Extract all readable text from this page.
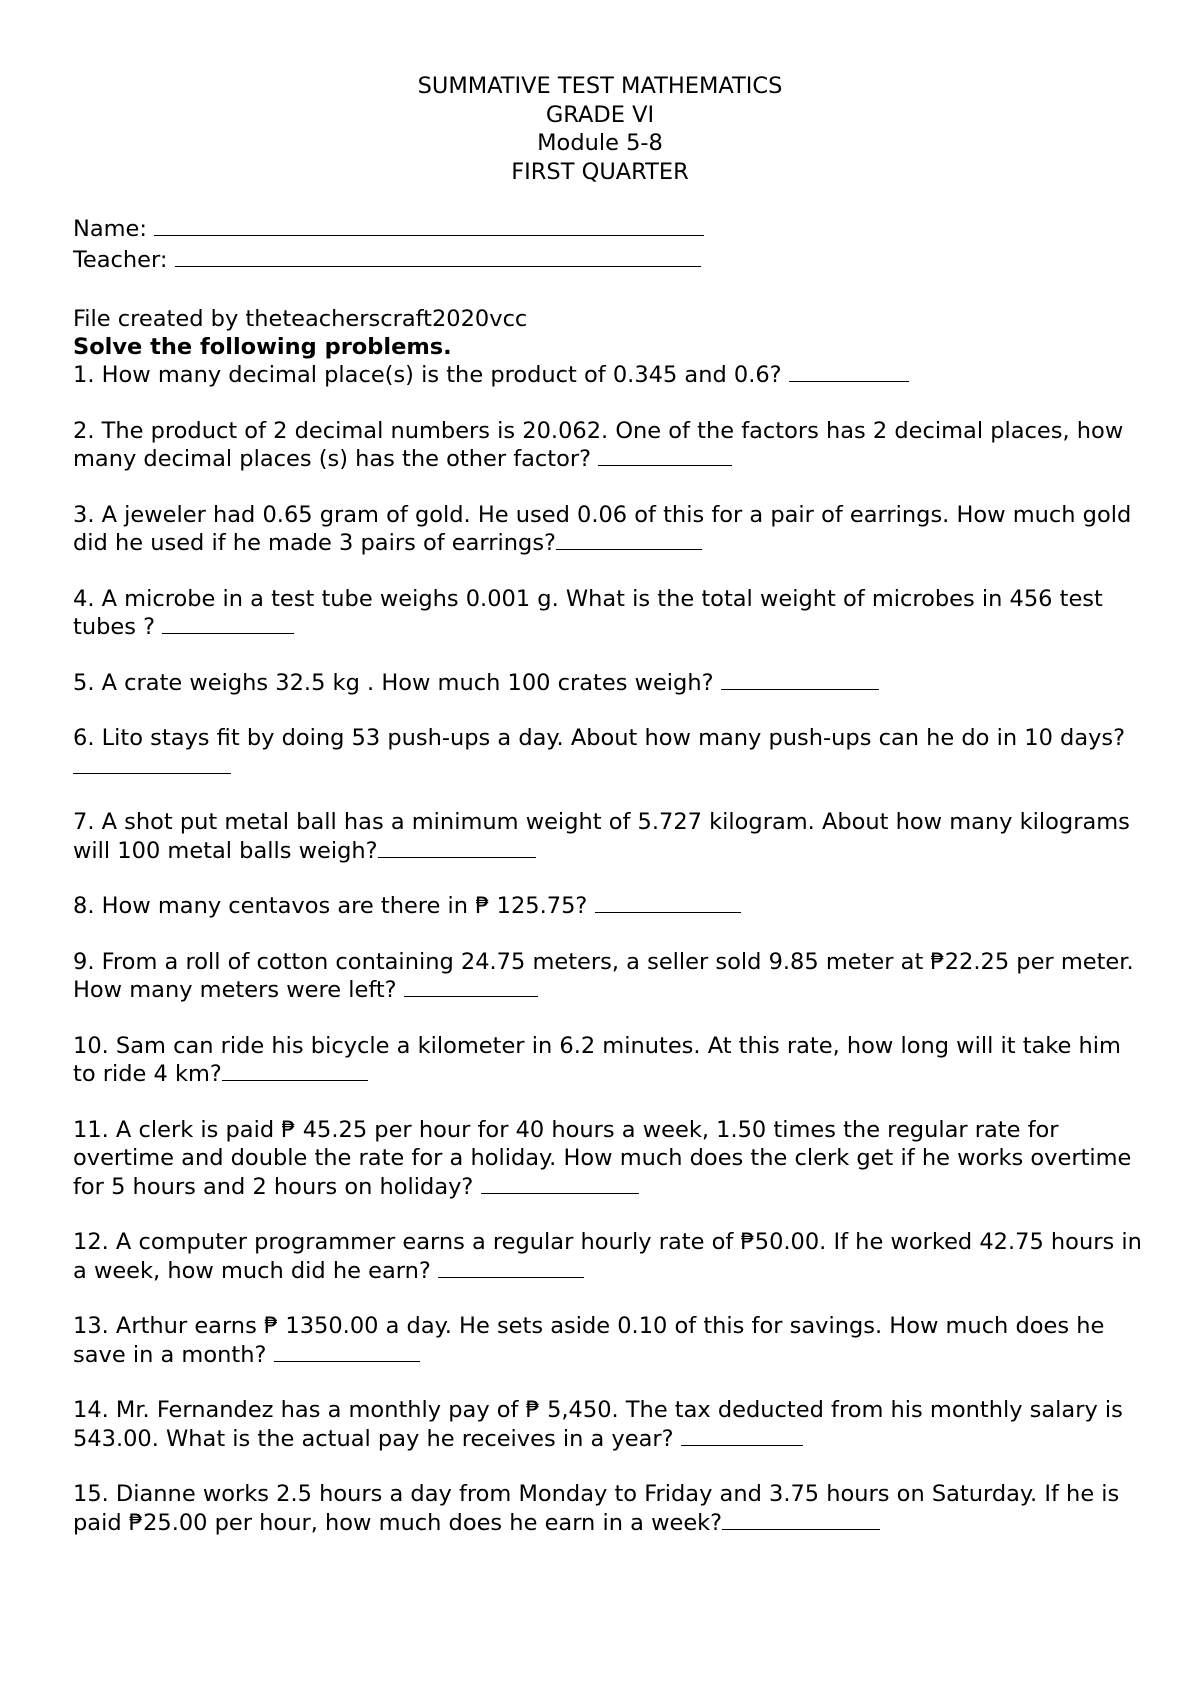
SUMMATIVE TEST MATHEMATICS
GRADE VI
Module 5-8
FIRST QUARTER
Name:
Teacher:
File created by theteacherscraft2020vcc
Solve the following problems.

1. How many decimal place(s) is the product of 0.345 and 0.6?

2. The product of 2 decimal numbers is 20.062. One of the factors has 2 decimal places, how many decimal places (s) has the other factor?

3. A jeweler had 0.65 gram of gold. He used 0.06 of this for a pair of earrings. How much gold did he used if he made 3 pairs of earrings?

4. A microbe in a test tube weighs 0.001 g. What is the total weight of microbes in 456 test tubes ?

5. A crate weighs 32.5 kg . How much 100 crates weigh?

6. Lito stays fit by doing 53 push-ups a day. About how many push-ups can he do in 10 days?

7. A shot put metal ball has a minimum weight of 5.727 kilogram. About how many kilograms will 100 metal balls weigh?

8. How many centavos are there in ₱ 125.75?

9. From a roll of cotton containing 24.75 meters, a seller sold 9.85 meter at ₱22.25 per meter. How many meters were left?

10. Sam can ride his bicycle a kilometer in 6.2 minutes. At this rate, how long will it take him to ride 4 km?

11. A clerk is paid ₱ 45.25 per hour for 40 hours a week, 1.50 times the regular rate for overtime and double the rate for a holiday. How much does the clerk get if he works overtime for 5 hours and 2 hours on holiday?

12. A computer programmer earns a regular hourly rate of ₱50.00. If he worked 42.75 hours in a week, how much did he earn?

13. Arthur earns ₱ 1350.00 a day. He sets aside 0.10 of this for savings. How much does he save in a month?

14. Mr. Fernandez has a monthly pay of ₱ 5,450. The tax deducted from his monthly salary is 543.00. What is the actual pay he receives in a year?

15. Dianne works 2.5 hours a day from Monday to Friday and 3.75 hours on Saturday. If he is paid ₱25.00 per hour, how much does he earn in a week?
